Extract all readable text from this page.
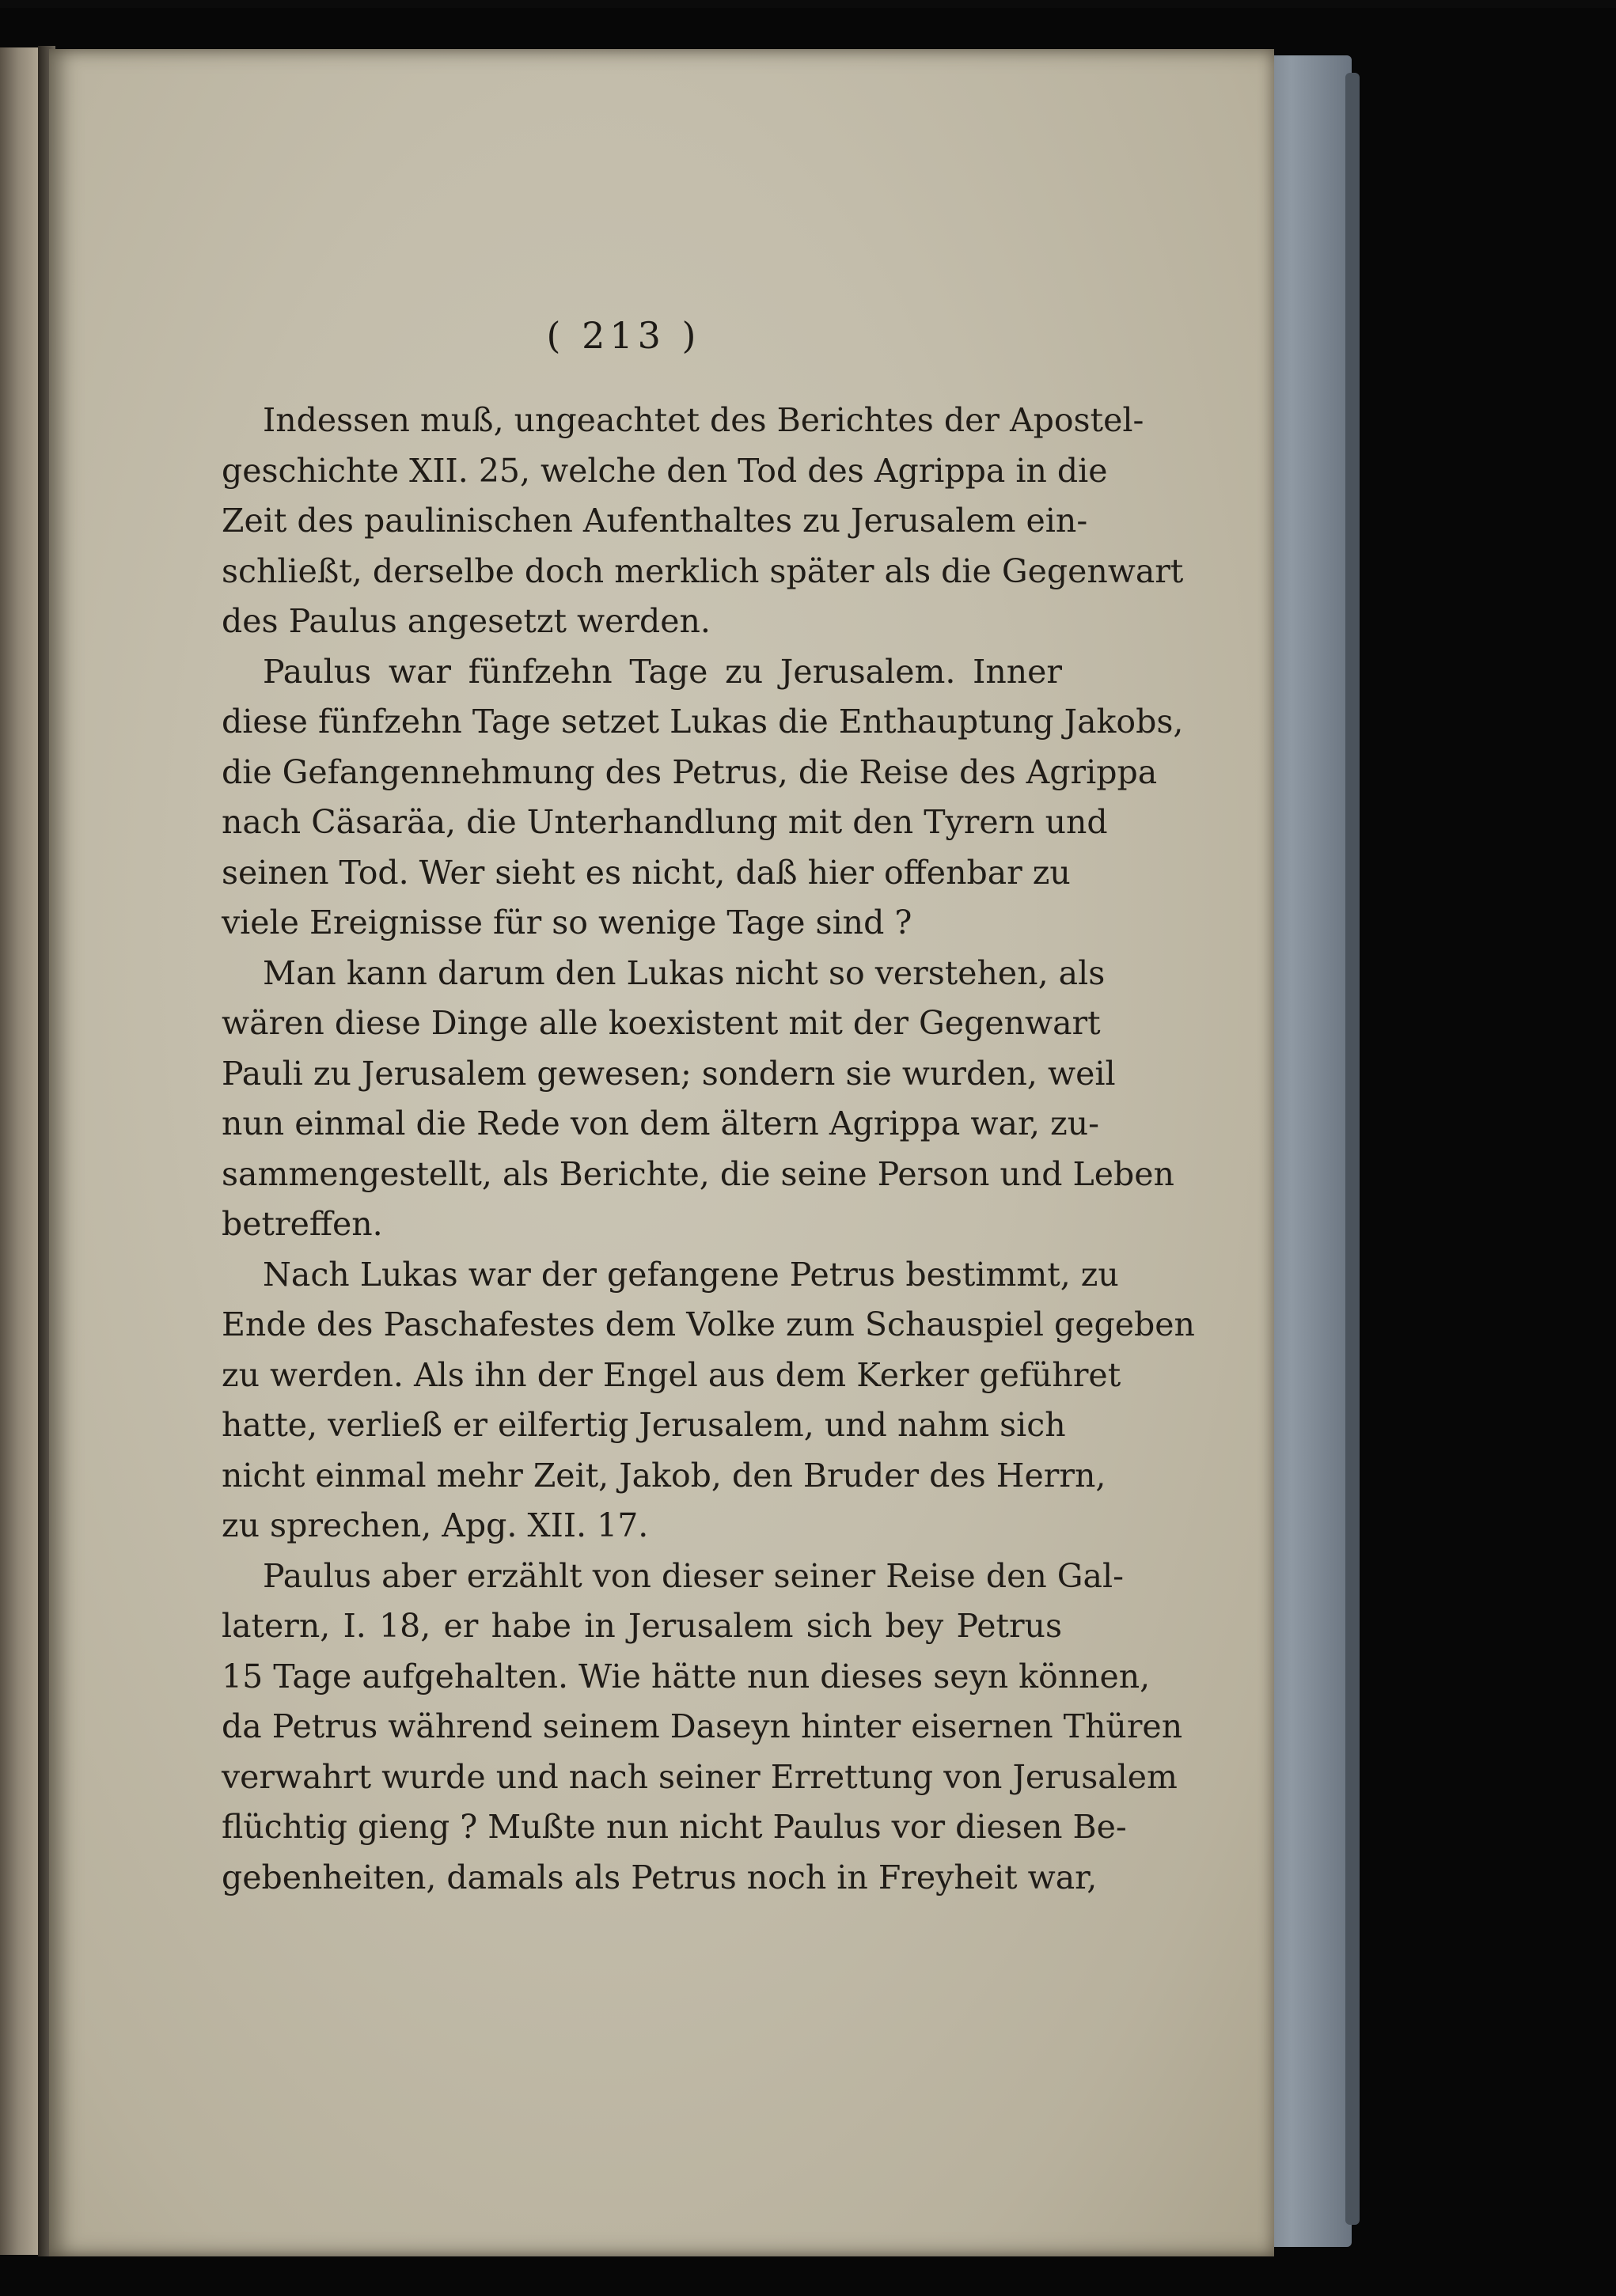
( 213 )
Indessen muß, ungeachtet des Berichtes der Apostel-
geschichte XII. 25, welche den Tod des Agrippa in die
Zeit des paulinischen Aufenthaltes zu Jerusalem ein-
schließt, derselbe doch merklich später als die Gegenwart
des Paulus angesetzt werden.
Paulus war fünfzehn Tage zu Jerusalem. Inner
diese fünfzehn Tage setzet Lukas die Enthauptung Jakobs,
die Gefangennehmung des Petrus, die Reise des Agrippa
nach Cäsaräa, die Unterhandlung mit den Tyrern und
seinen Tod. Wer sieht es nicht, daß hier offenbar zu
viele Ereignisse für so wenige Tage sind ?
Man kann darum den Lukas nicht so verstehen, als
wären diese Dinge alle koexistent mit der Gegenwart
Pauli zu Jerusalem gewesen; sondern sie wurden, weil
nun einmal die Rede von dem ältern Agrippa war, zu-
sammengestellt, als Berichte, die seine Person und Leben
betreffen.
Nach Lukas war der gefangene Petrus bestimmt, zu
Ende des Paschafestes dem Volke zum Schauspiel gegeben
zu werden. Als ihn der Engel aus dem Kerker geführet
hatte, verließ er eilfertig Jerusalem, und nahm sich
nicht einmal mehr Zeit, Jakob, den Bruder des Herrn,
zu sprechen, Apg. XII. 17.
Paulus aber erzählt von dieser seiner Reise den Gal-
latern, I. 18, er habe in Jerusalem sich bey Petrus
15 Tage aufgehalten. Wie hätte nun dieses seyn können,
da Petrus während seinem Daseyn hinter eisernen Thüren
verwahrt wurde und nach seiner Errettung von Jerusalem
flüchtig gieng ? Mußte nun nicht Paulus vor diesen Be-
gebenheiten, damals als Petrus noch in Freyheit war,
